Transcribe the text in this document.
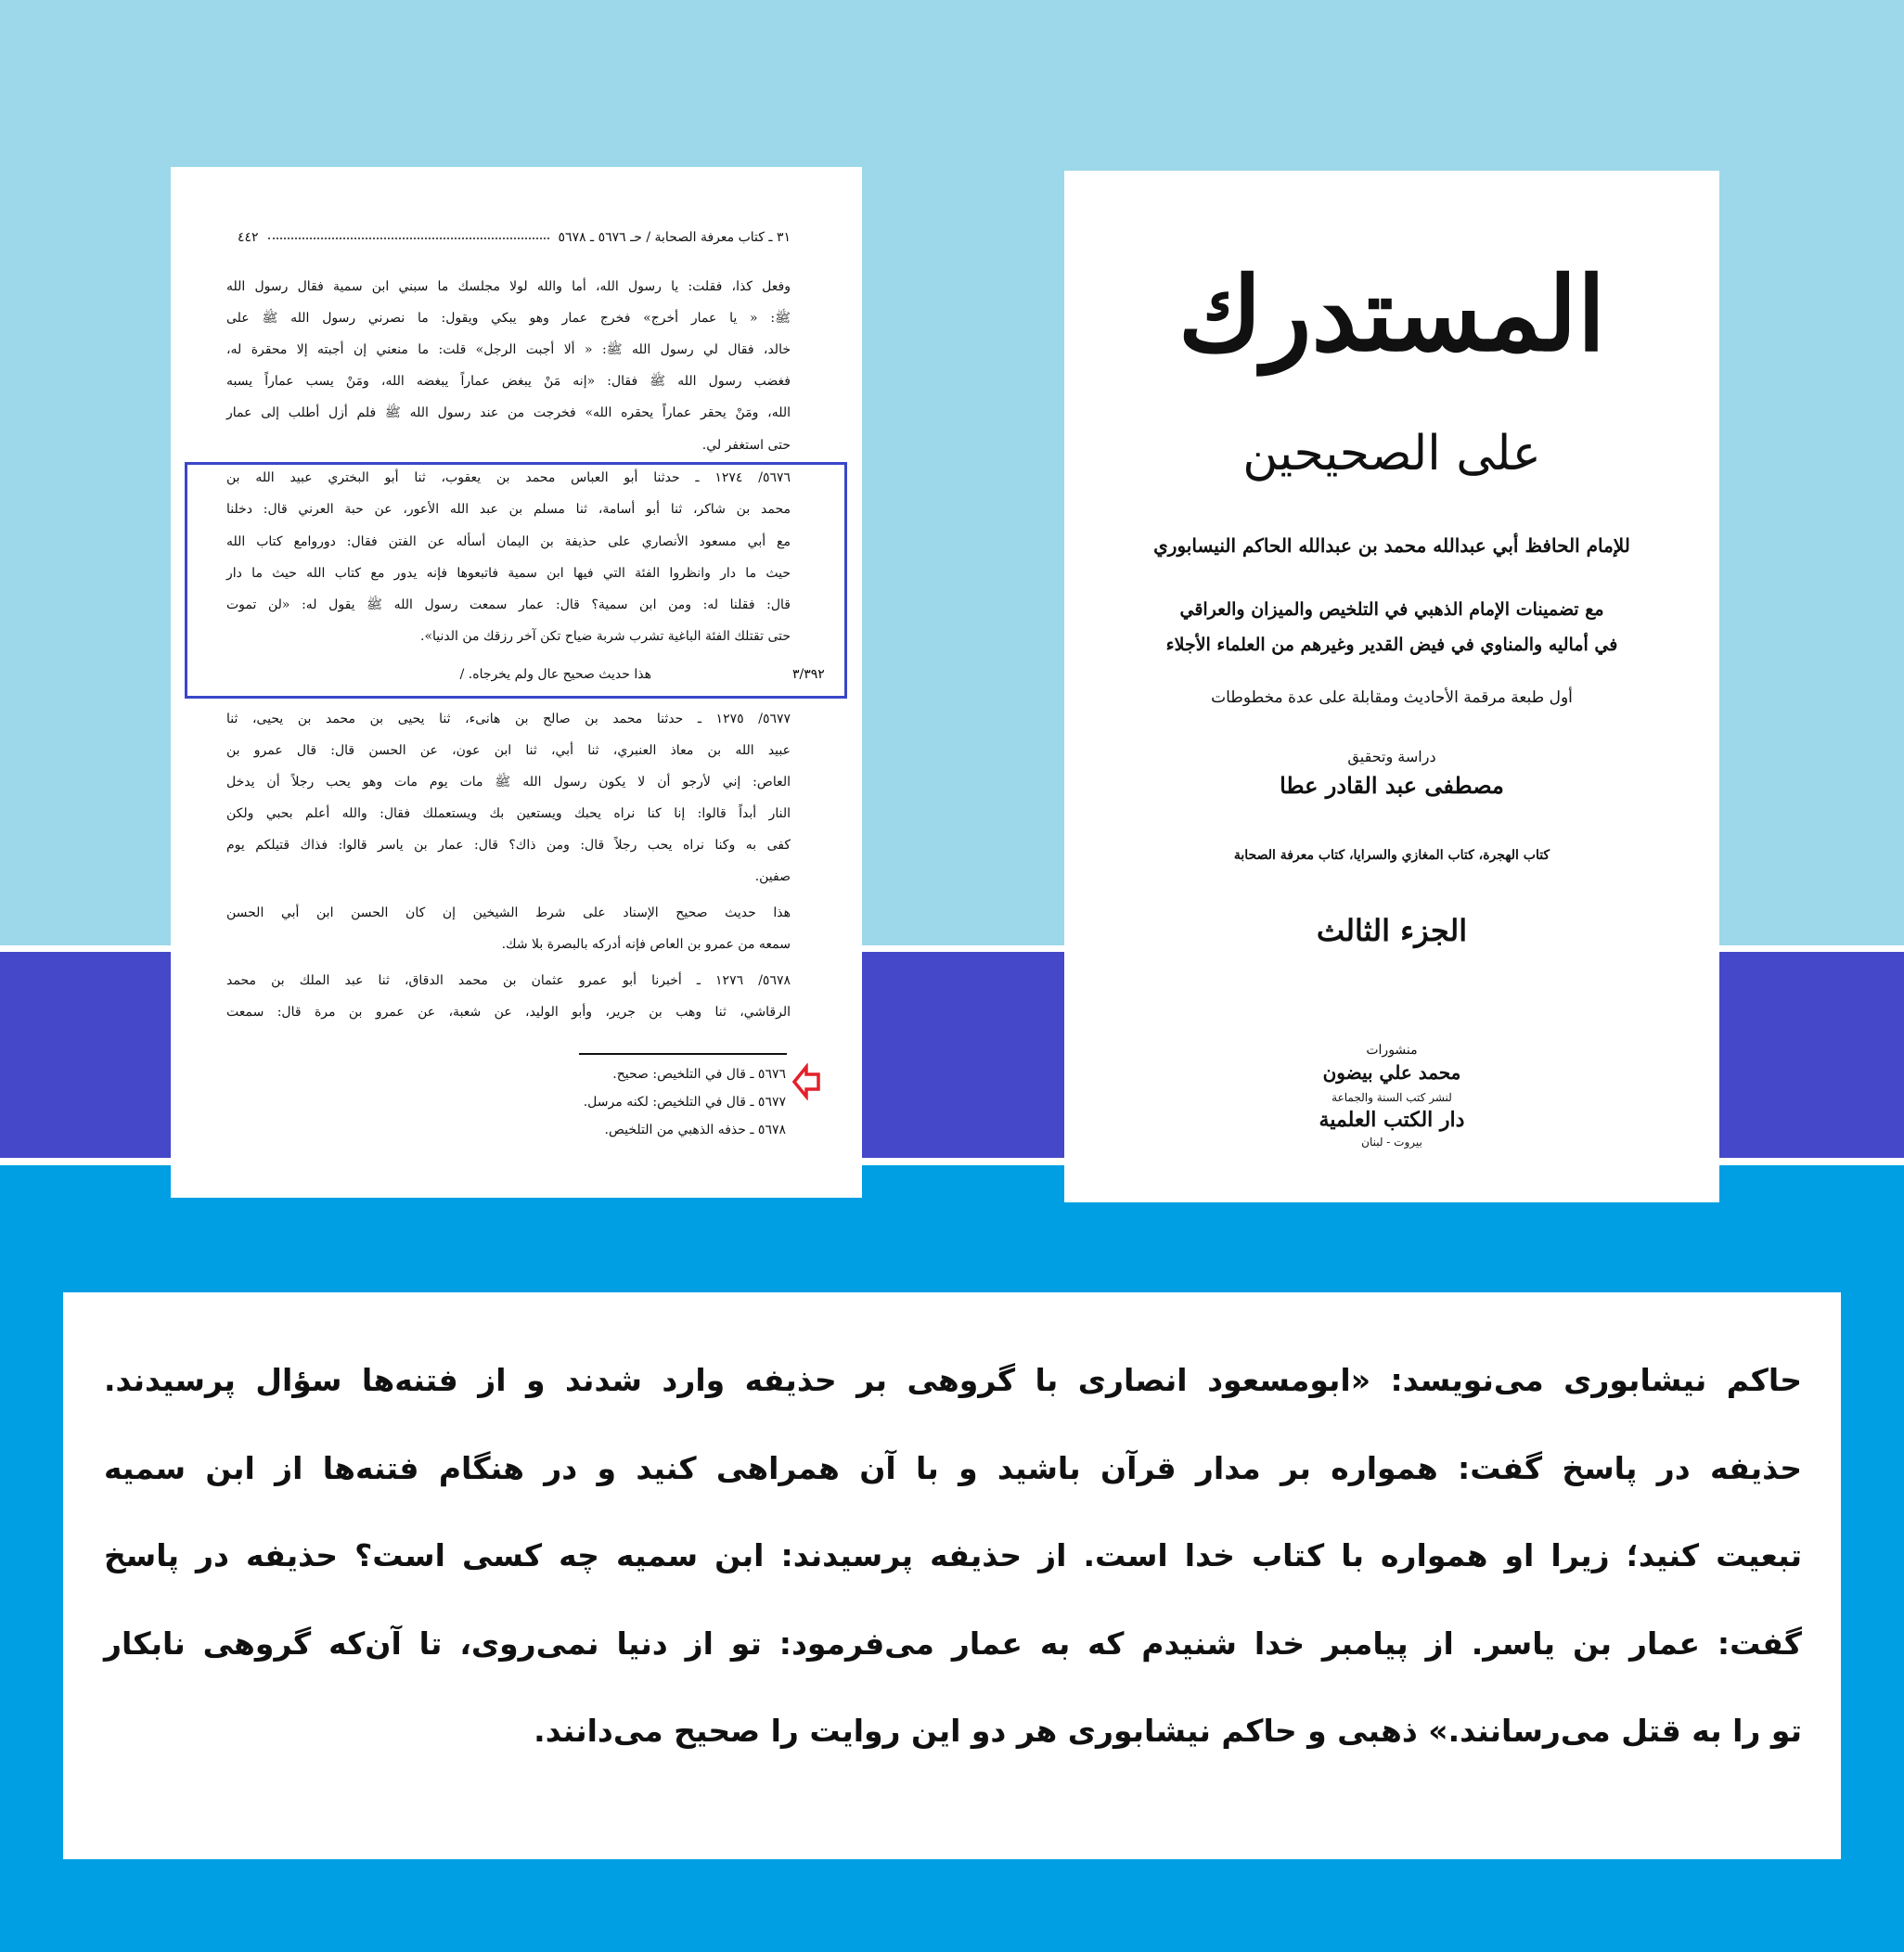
٣١ ـ كتاب معرفة الصحابة / حـ ٥٦٧٦ ـ ٥٦٧٨
٤٤٢
وفعل كذا، فقلت: يا رسول الله، أما والله لولا مجلسك ما سبني ابن سمية فقال رسول الله
ﷺ: « يا عمار أخرج» فخرج عمار وهو يبكي ويقول: ما نصرني رسول الله ﷺ على
خالد، فقال لي رسول الله ﷺ: « ألا أجبت الرجل» قلت: ما منعني إن أجبته إلا محقرة له،
فغضب رسول الله ﷺ فقال: «إنه مَنْ يبغض عماراً يبغضه الله، ومَنْ يسب عماراً يسبه
الله، ومَنْ يحقر عماراً يحقره الله» فخرجت من عند رسول الله ﷺ فلم أزل أطلب إلى عمار
حتى استغفر لي.
٥٦٧٦/ ١٢٧٤ ـ حدثنا أبو العباس محمد بن يعقوب، ثنا أبو البختري عبيد الله بن
محمد بن شاكر، ثنا أبو أسامة، ثنا مسلم بن عبد الله الأعور، عن حبة العرني قال: دخلنا
مع أبي مسعود الأنصاري على حذيفة بن اليمان أسأله عن الفتن فقال: دوروامع كتاب الله
حيث ما دار وانظروا الفئة التي فيها ابن سمية فاتبعوها فإنه يدور مع كتاب الله حيث ما دار
قال: فقلنا له: ومن ابن سمية؟ قال: عمار سمعت رسول الله ﷺ يقول له: «لن تموت
حتى تقتلك الفئة الباغية تشرب شربة ضياح تكن آخر رزقك من الدنيا».
هذا حديث صحيح عال ولم يخرجاه. /	٣/٣٩٢
٥٦٧٧/ ١٢٧٥ ـ حدثنا محمد بن صالح بن هانىء، ثنا يحيى بن محمد بن يحيى، ثنا
عبيد الله بن معاذ العنبري، ثنا أبي، ثنا ابن عون، عن الحسن قال: قال عمرو بن
العاص: إني لأرجو أن لا يكون رسول الله ﷺ مات يوم مات وهو يحب رجلاً أن يدخل
النار أبداً قالوا: إنا كنا نراه يحبك ويستعين بك ويستعملك فقال: والله أعلم بحبي ولكن
كفى به وكنا نراه يحب رجلاً قال: ومن ذاك؟ قال: عمار بن ياسر قالوا: فذاك قتيلكم يوم
صفين.
هذا حديث صحيح الإسناد على شرط الشيخين إن كان الحسن ابن أبي الحسن
سمعه من عمرو بن العاص فإنه أدركه بالبصرة بلا شك.
٥٦٧٨/ ١٢٧٦ ـ أخبرنا أبو عمرو عثمان بن محمد الدقاق، ثنا عبد الملك بن محمد
الرقاشي، ثنا وهب بن جرير، وأبو الوليد، عن شعبة، عن عمرو بن مرة قال: سمعت
٥٦٧٦ ـ قال في التلخيص: صحيح.
٥٦٧٧ ـ قال في التلخيص: لكنه مرسل.
٥٦٧٨ ـ حذفه الذهبي من التلخيص.
المستدرك
على الصحيحين
للإمام الحافظ أبي عبدالله محمد بن عبدالله الحاكم النيسابوري
مع تضمينات الإمام الذهبي في التلخيص والميزان والعراقي
في أماليه والمناوي في فيض القدير وغيرهم من العلماء الأجلاء
أول طبعة مرقمة الأحاديث ومقابلة على عدة مخطوطات
دراسة وتحقيق
مصطفى عبد القادر عطا
كتاب الهجرة، كتاب المغازي والسرايا، كتاب معرفة الصحابة
الجزء الثالث
منشورات
محمد علي بيضون
لنشر كتب السنة والجماعة
دار الكتب العلمية
بيروت - لبنان
حاکم نیشابوری می‌نویسد: «ابومسعود انصاری با گروهی بر حذیفه وارد شدند و از فتنه‌ها سؤال پرسیدند.
حذیفه در پاسخ گفت: همواره بر مدار قرآن باشید و با آن همراهی کنید و در هنگام فتنه‌ها از ابن سمیه
تبعیت کنید؛ زیرا او همواره با کتاب خدا است. از حذیفه پرسیدند: ابن سمیه چه کسی است؟ حذیفه در پاسخ
گفت: عمار بن یاسر. از پیامبر خدا شنیدم که به عمار می‌فرمود: تو از دنیا نمی‌روی، تا آن‌که گروهی نابکار
تو را به قتل می‌رسانند.» ذهبی و حاکم نیشابوری هر دو این روایت را صحیح می‌دانند.
